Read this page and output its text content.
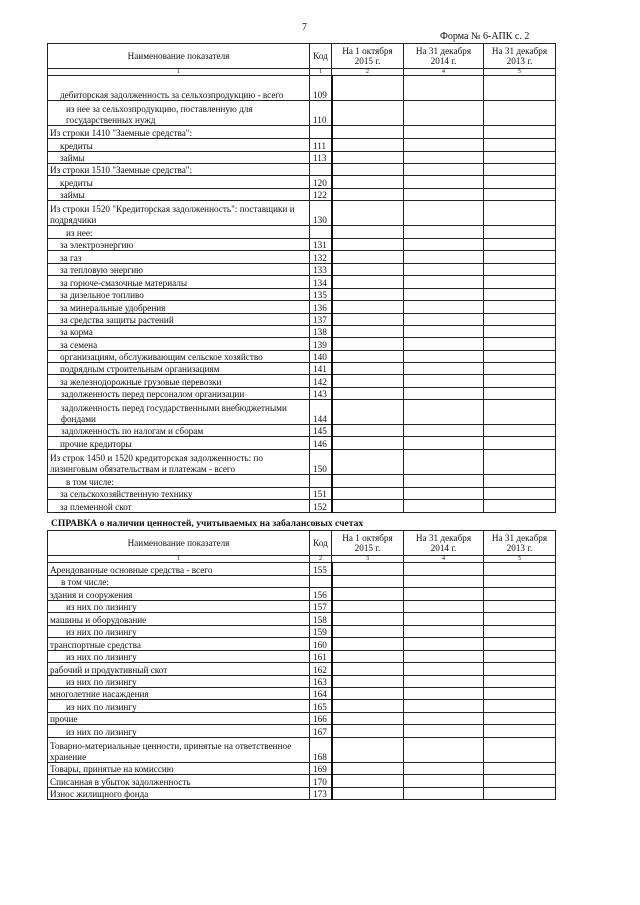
7
Форма № 6-АПК с. 2
Наименование показателя	Код	На 1 октября 2015 г.	На 31 декабря 2014 г.	На 31 декабря 2013 г.
1	1	2	4	5
дебиторская задолженность за сельхозпродукцию - всего	109			
из нее за сельхозпродукцию, поставленную для государственных нужд	110			
Из строки 1410 "Заемные средства":				
кредиты	111			
займы	113			
Из строки 1510 "Заемные средства":				
кредиты	120			
займы	122			
Из строки 1520 "Кредиторская задолженность": поставщики и подрядчики	130			
из нее:				
за электроэнергию	131			
за газ	132			
за тепловую энергию	133			
за горюче-смазочные материалы	134			
за дизельное топливо	135			
за минеральные удобрения	136			
за средства защиты растений	137			
за корма	138			
за семена	139			
организациям, обслуживающим сельское хозяйство	140			
подрядным строительным организациям	141			
за железнодорожные грузовые перевозки	142			
задолженность перед персоналом организации	143			
задолженность перед государственными внебюджетными фондами	144			
задолженность по налогам и сборам	145			
прочие кредиторы	146			
Из строк 1450 и 1520 кредиторская задолженность: по лизинговым обязательствам и платежам - всего	150			
в том числе:				
за сельскохозяйственную технику	151			
за племенной скот	152			
СПРАВКА о наличии ценностей, учитываемых на забалансовых счетах
Наименование показателя	Код	На 1 октября 2015 г.	На 31 декабря 2014 г.	На 31 декабря 2013 г.
1	2	3	4	5
Арендованные основные средства - всего	155			
в том числе:				
здания и сооружения	156			
из них по лизингу	157			
машины и оборудование	158			
из них по лизингу	159			
транспортные средства	160			
из них по лизингу	161			
рабочий и продуктивный скот	162			
из них по лизингу	163			
многолетние насаждения	164			
из них по лизингу	165			
прочие	166			
из них по лизингу	167			
Товарно-материальные ценности, принятые на ответственное хранение	168			
Товары, принятые на комиссию	169			
Списанная в убыток задолженность	170			
Износ жилищного фонда	173			
